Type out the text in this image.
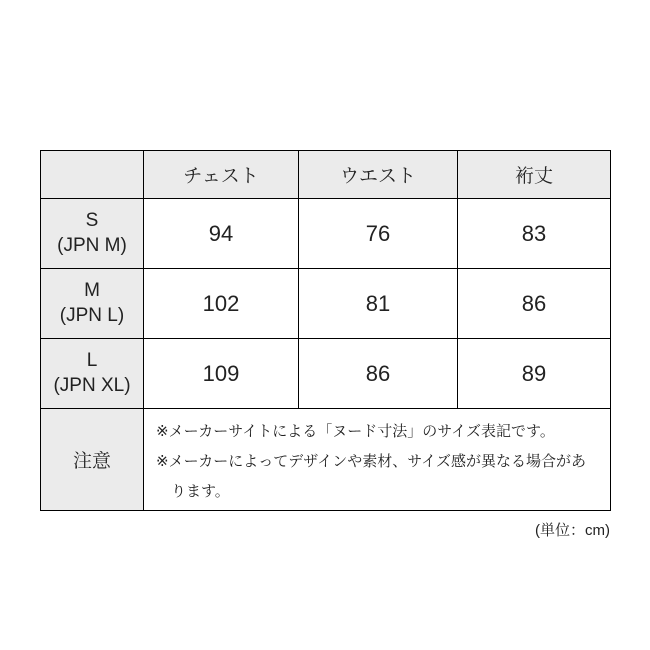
	チェスト	ウエスト	裄丈

S
(JPN M)	94	76	83

M
(JPN L)	102	81	86

L
(JPN XL)	109	86	89
注意	※メーカーサイトによる「ヌード寸法」のサイズ表記です。

※メーカーによってデザインや素材、サイズ感が異なる場合があります。		

(単位：cm)
